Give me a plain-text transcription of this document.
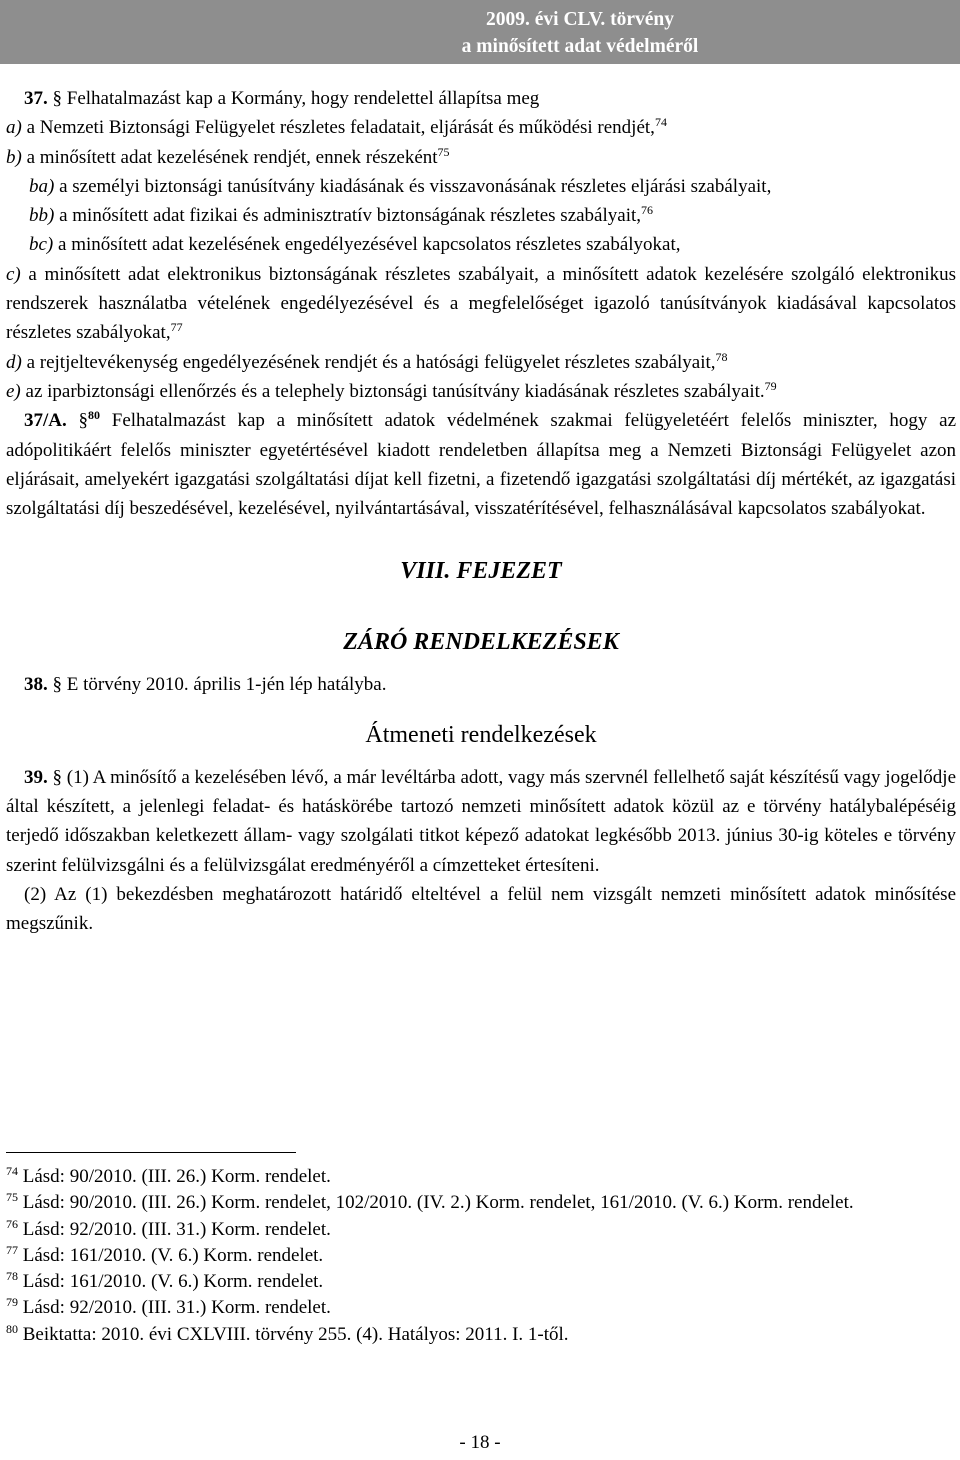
2009. évi CLV. törvény
a minősített adat védelméről

37. § Felhatalmazást kap a Kormány, hogy rendelettel állapítsa meg

a) a Nemzeti Biztonsági Felügyelet részletes feladatait, eljárását és működési rendjét,$^{74}$

b) a minősített adat kezelésének rendjét, ennek részeként$^{75}$

ba) a személyi biztonsági tanúsítvány kiadásának és visszavonásának részletes eljárási szabályait,

bb) a minősített adat fizikai és adminisztratív biztonságának részletes szabályait,$^{76}$

bc) a minősített adat kezelésének engedélyezésével kapcsolatos részletes szabályokat,

c) a minősített adat elektronikus biztonságának részletes szabályait, a minősített adatok kezelésére szolgáló elektronikus rendszerek használatba vételének engedélyezésével és a megfelelőséget igazoló tanúsítványok kiadásával kapcsolatos részletes szabályokat,$^{77}$

d) a rejtjeltevékenység engedélyezésének rendjét és a hatósági felügyelet részletes szabályait,$^{78}$

e) az iparbiztonsági ellenőrzés és a telephely biztonsági tanúsítvány kiadásának részletes szabályait.$^{79}$

37/A. §$^{80}$ Felhatalmazást kap a minősített adatok védelmének szakmai felügyeletéért felelős miniszter, hogy az adópolitikáért felelős miniszter egyetértésével kiadott rendeletben állapítsa meg a Nemzeti Biztonsági Felügyelet azon eljárásait, amelyekért igazgatási szolgáltatási díjat kell fizetni, a fizetendő igazgatási szolgáltatási díj mértékét, az igazgatási szolgáltatási díj beszedésével, kezelésével, nyilvántartásával, visszatérítésével, felhasználásával kapcsolatos szabályokat.

VIII. FEJEZET

ZÁRÓ RENDELKEZÉSEK

38. § E törvény 2010. április 1-jén lép hatályba.

Átmeneti rendelkezések

39. § (1) A minősítő a kezelésében lévő, a már levéltárba adott, vagy más szervnél fellelhető saját készítésű vagy jogelődje által készített, a jelenlegi feladat- és hatáskörébe tartozó nemzeti minősített adatok közül az e törvény hatálybalépéséig terjedő időszakban keletkezett állam- vagy szolgálati titkot képező adatokat legkésőbb 2013. június 30-ig köteles e törvény szerint felülvizsgálni és a felülvizsgálat eredményéről a címzetteket értesíteni.

(2) Az (1) bekezdésben meghatározott határidő elteltével a felül nem vizsgált nemzeti minősített adatok minősítése megszűnik.

$^{74}$ Lásd: 90/2010. (III. 26.) Korm. rendelet.

$^{75}$ Lásd: 90/2010. (III. 26.) Korm. rendelet, 102/2010. (IV. 2.) Korm. rendelet, 161/2010. (V. 6.) Korm. rendelet.

$^{76}$ Lásd: 92/2010. (III. 31.) Korm. rendelet.

$^{77}$ Lásd: 161/2010. (V. 6.) Korm. rendelet.

$^{78}$ Lásd: 161/2010. (V. 6.) Korm. rendelet.

$^{79}$ Lásd: 92/2010. (III. 31.) Korm. rendelet.

$^{80}$ Beiktatta: 2010. évi CXLVIII. törvény 255. (4). Hatályos: 2011. I. 1-től.

- 18 -
